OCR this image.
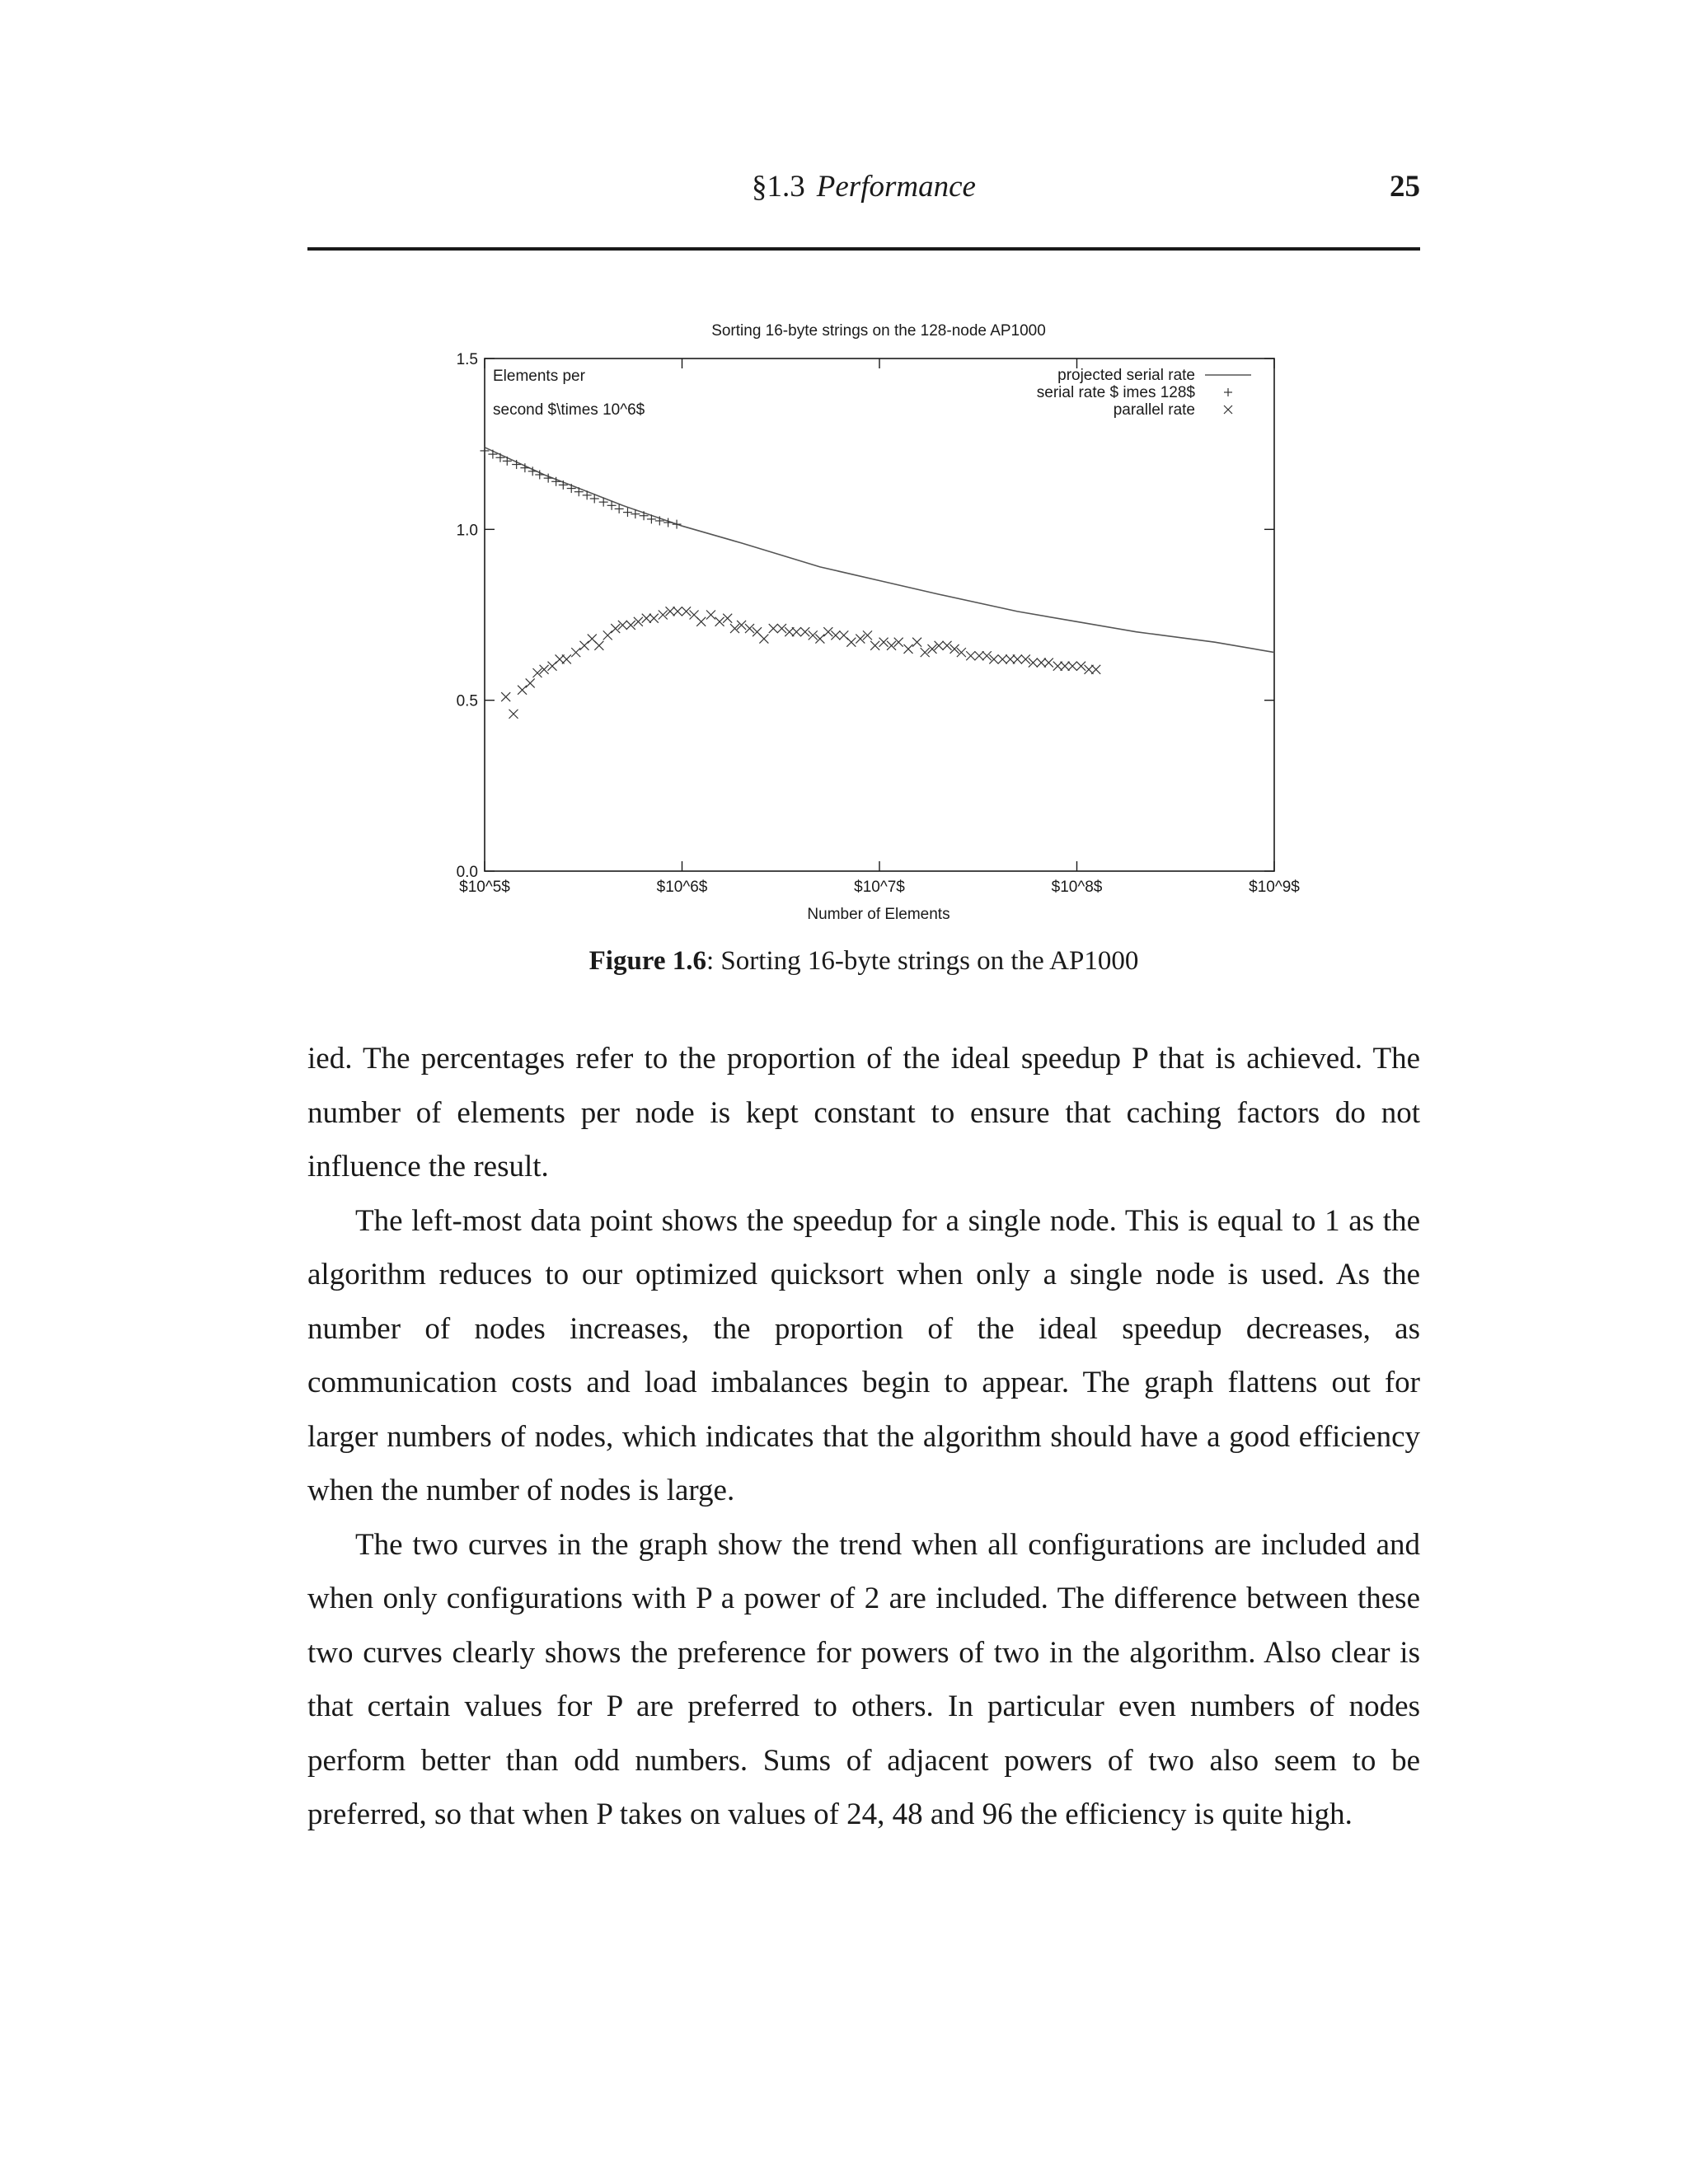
§1.3 Performance	25
Sorting 16-byte strings on the 128-node AP1000
Elements per
second $\times 10^6$
Number of Elements
0.0
0.5
1.0
1.5
$10^5$	$10^6$	$10^7$	$10^8$	$10^9$
projected serial rate
serial rate $ imes 128$
parallel rate
Figure 1.6: Sorting 16-byte strings on the AP1000

ied. The percentages refer to the proportion of the ideal speedup P that is achieved. The number of elements per node is kept constant to ensure that caching factors do not influence the result.

The left-most data point shows the speedup for a single node. This is equal to 1 as the algorithm reduces to our optimized quicksort when only a single node is used. As the number of nodes increases, the proportion of the ideal speedup decreases, as communication costs and load imbalances begin to appear. The graph flattens out for larger numbers of nodes, which indicates that the algorithm should have a good efficiency when the number of nodes is large.

The two curves in the graph show the trend when all configurations are included and when only configurations with P a power of 2 are included. The difference between these two curves clearly shows the preference for powers of two in the algorithm. Also clear is that certain values for P are preferred to others. In particular even numbers of nodes perform better than odd numbers. Sums of adjacent powers of two also seem to be preferred, so that when P takes on values of 24, 48 and 96 the efficiency is quite high.
